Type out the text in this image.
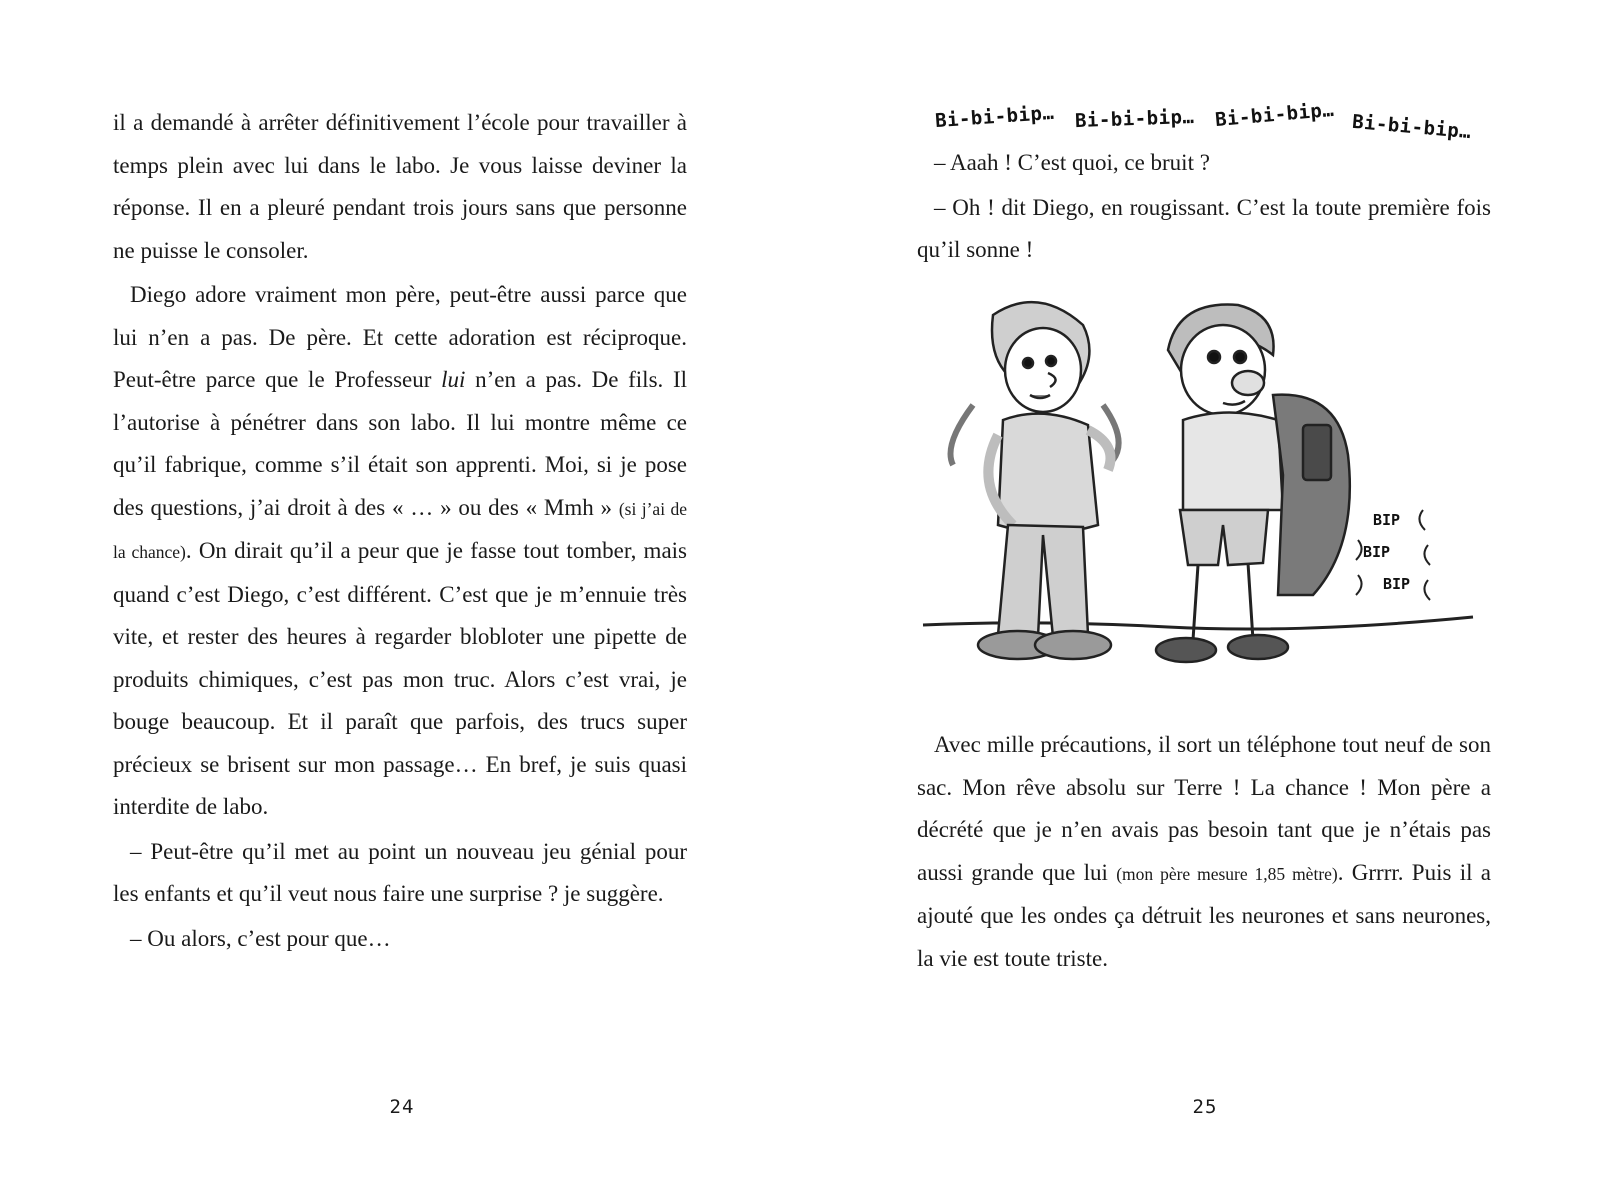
il a demandé à arrêter définitivement l’école pour travailler à temps plein avec lui dans le labo. Je vous laisse deviner la réponse. Il en a pleuré pendant trois jours sans que personne ne puisse le consoler.

Diego adore vraiment mon père, peut-être aussi parce que lui n’en a pas. De père. Et cette adoration est réciproque. Peut-être parce que le Professeur lui n’en a pas. De fils. Il l’autorise à pénétrer dans son labo. Il lui montre même ce qu’il fabrique, comme s’il était son apprenti. Moi, si je pose des questions, j’ai droit à des « … » ou des « Mmh » (si j’ai de la chance). On dirait qu’il a peur que je fasse tout tomber, mais quand c’est Diego, c’est différent. C’est que je m’ennuie très vite, et rester des heures à regarder blobloter une pipette de produits chimiques, c’est pas mon truc. Alors c’est vrai, je bouge beaucoup. Et il paraît que parfois, des trucs super précieux se brisent sur mon passage… En bref, je suis quasi interdite de labo.

– Peut-être qu’il met au point un nouveau jeu génial pour les enfants et qu’il veut nous faire une surprise ? je suggère.

– Ou alors, c’est pour que…

24
Bi-bi-bip… Bi-bi-bip… Bi-bi-bip… Bi-bi-bip…

– Aaah ! C’est quoi, ce bruit ?

– Oh ! dit Diego, en rougissant. C’est la toute première fois qu’il sonne !

BIP
BIP
BIP

Avec mille précautions, il sort un téléphone tout neuf de son sac. Mon rêve absolu sur Terre ! La chance ! Mon père a décrété que je n’en avais pas besoin tant que je n’étais pas aussi grande que lui (mon père mesure 1,85 mètre). Grrrr. Puis il a ajouté que les ondes ça détruit les neurones et sans neurones, la vie est toute triste.

25
